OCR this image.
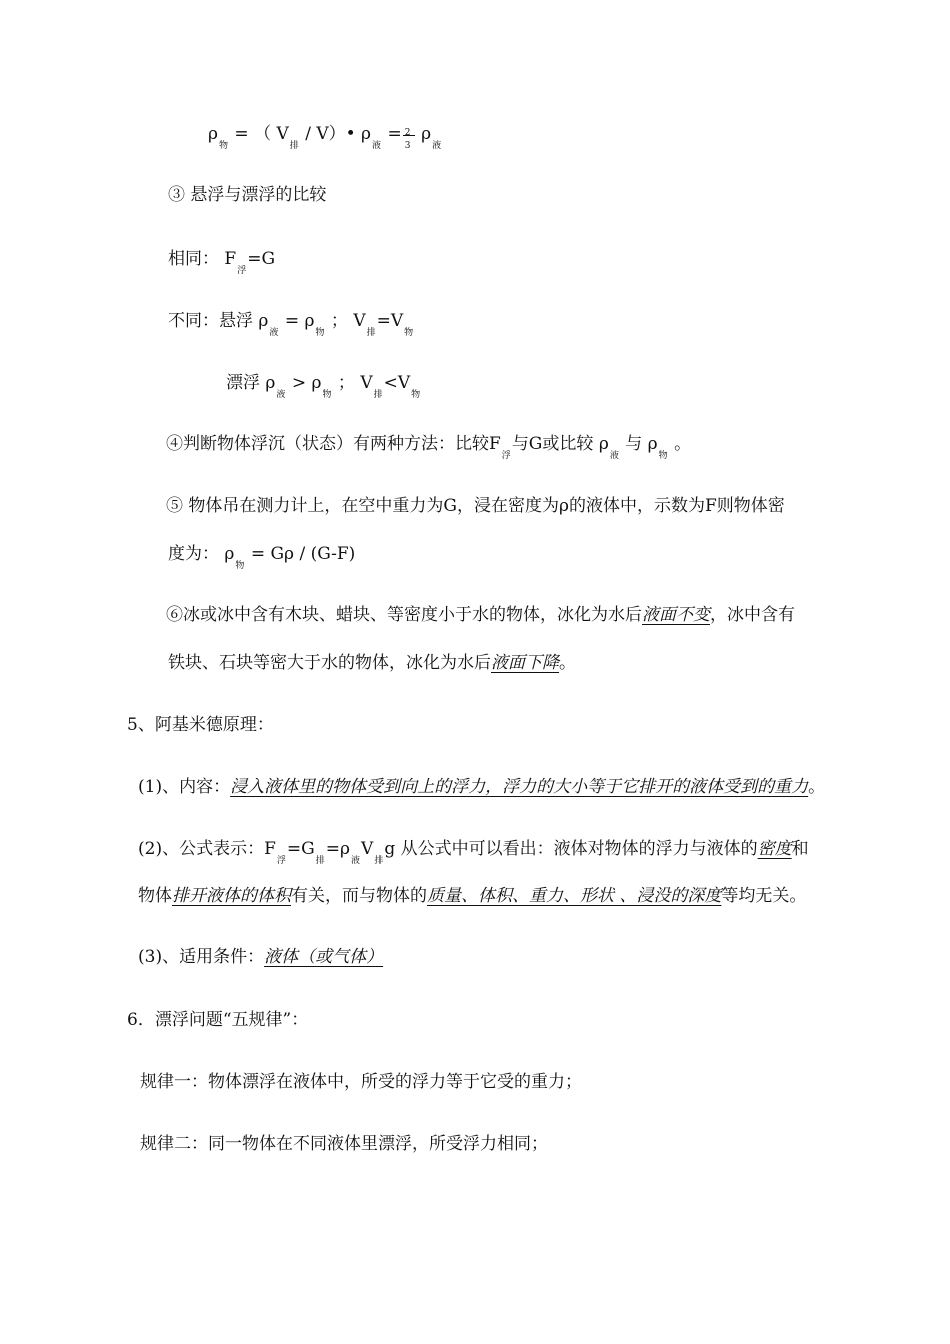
$\rho_物$ = （ $V_排$ / V）• $\rho_液 = 2$
3
$\rho_液$
③ 悬浮与漂浮的比较
相同： $F_浮=G$
不同：悬浮 $\rho_液 = \rho_物$ ； $V_排=V_物$
漂浮 $\rho_液 > \rho_物$ ； $V_排<V_物$
④判断物体浮沉（状态）有两种方法：比较$F_浮$与G或比较 $\rho_液$ 与 $\rho_物$ 。
⑤ 物体吊在测力计上，在空中重力为G，浸在密度为ρ的液体中，示数为F则物体密
度为： $\rho_物 = G\rho / (G-F)$
⑥冰或冰中含有木块、蜡块、等密度小于水的物体，冰化为水后液面不变，冰中含有
铁块、石块等密大于水的物体，冰化为水后液面下降。
5、阿基米德原理：
(1)、内容：浸入液体里的物体受到向上的浮力，浮力的大小等于它排开的液体受到的重力。
(2)、公式表示：$F_浮=G_排=\rho_液V_排g$ 从公式中可以看出：液体对物体的浮力与液体的密度和
物体排开液体的体积有关，而与物体的质量、体积、重力、形状 、浸没的深度等均无关。
(3)、适用条件：液体（或气体）
6．漂浮问题“五规律”：
规律一：物体漂浮在液体中，所受的浮力等于它受的重力；
规律二：同一物体在不同液体里漂浮，所受浮力相同；
